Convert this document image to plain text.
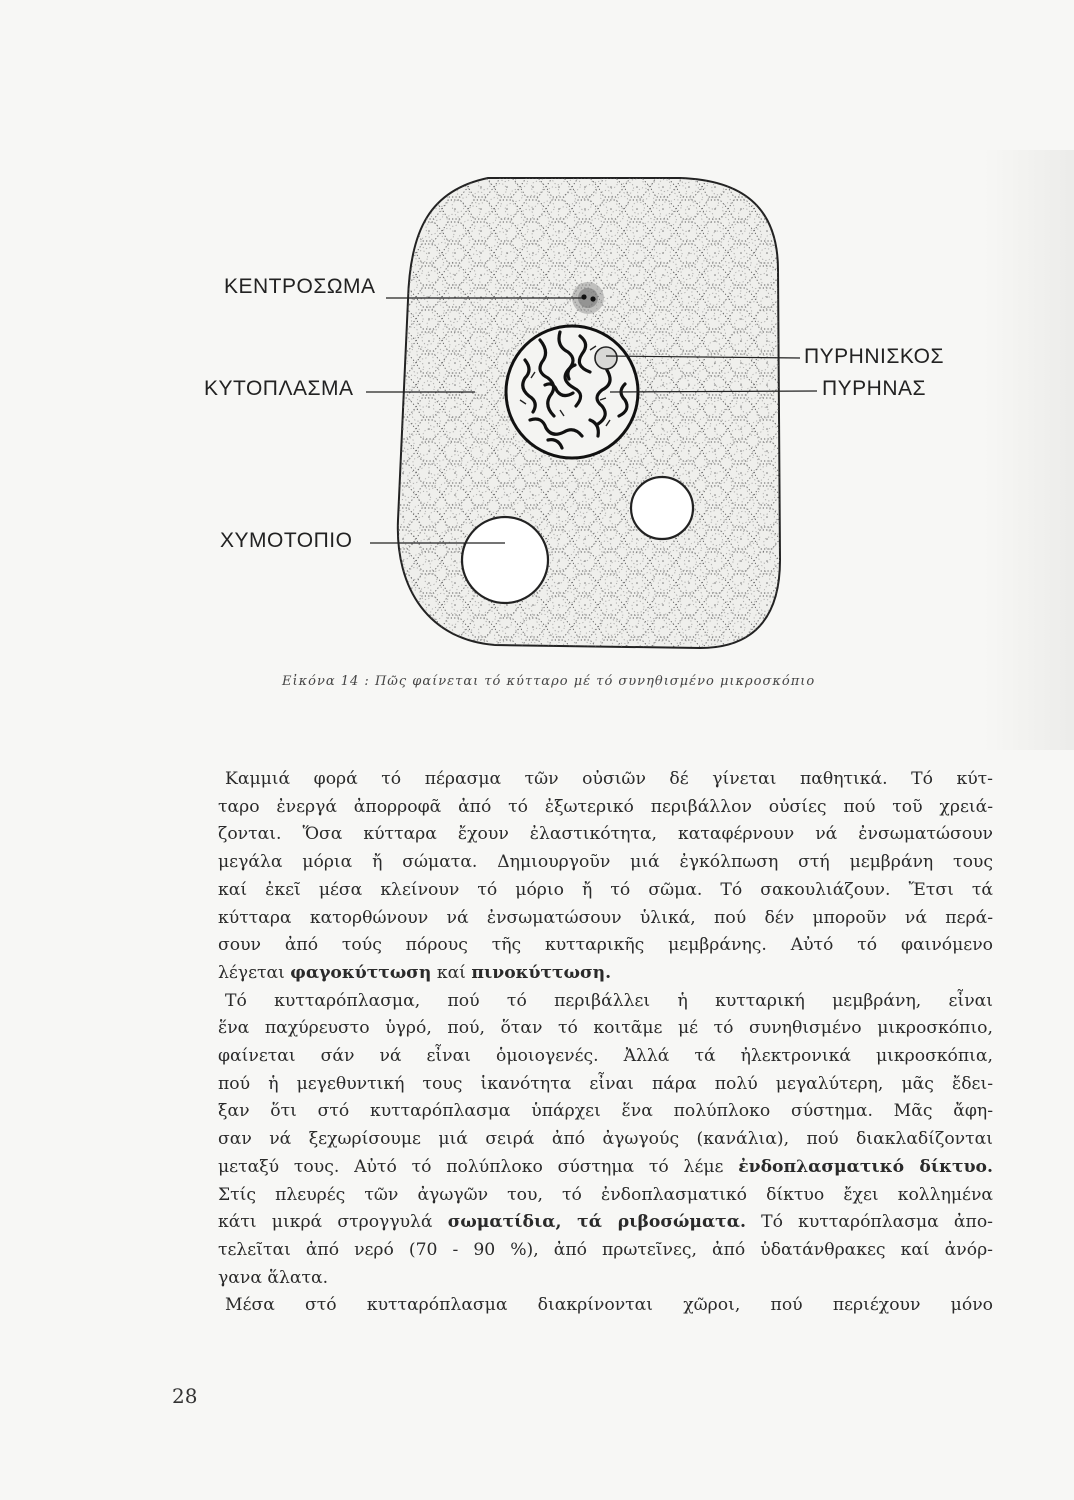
ΚΕΝΤΡΟΣΩΜΑ
ΚΥΤΟΠΛΑΣΜΑ
ΧΥΜΟΤΟΠΙΟ
ΠΥΡΗΝΙΣΚΟΣ
ΠΥΡΗΝΑΣ
Εἰκόνα 14 : Πῶς φαίνεται τό κύτταρο μέ τό συνηθισμένο μικροσκόπιο

Καμμιά φορά τό πέρασμα τῶν οὐσιῶν δέ γίνεται παθητικά. Τό κύτ-

ταρο ἐνεργά ἀπορροφᾶ ἀπό τό ἐξωτερικό περιβάλλον οὐσίες πού τοῦ χρειά-

ζονται. Ὅσα κύτταρα ἔχουν ἐλαστικότητα, καταφέρνουν νά ἐνσωματώσουν

μεγάλα μόρια ἤ σώματα. Δημιουργοῦν μιά ἐγκόλπωση στή μεμβράνη τους

καί ἐκεῖ μέσα κλείνουν τό μόριο ἤ τό σῶμα. Τό σακουλιάζουν. Ἔτσι τά

κύτταρα κατορθώνουν νά ἐνσωματώσουν ὑλικά, πού δέν μποροῦν νά περά-

σουν ἀπό τούς πόρους τῆς κυτταρικῆς μεμβράνης. Αὐτό τό φαινόμενο

λέγεται φαγοκύττωση καί πινοκύττωση.

Τό κυτταρόπλασμα, πού τό περιβάλλει ἡ κυτταρική μεμβράνη, εἶναι

ἕνα παχύρευστο ὑγρό, πού, ὅταν τό κοιτᾶμε μέ τό συνηθισμένο μικροσκόπιο,

φαίνεται σάν νά εἶναι ὁμοιογενές. Ἀλλά τά ἠλεκτρονικά μικροσκόπια,

πού ἡ μεγεθυντική τους ἱκανότητα εἶναι πάρα πολύ μεγαλύτερη, μᾶς ἔδει-

ξαν ὅτι στό κυτταρόπλασμα ὑπάρχει ἕνα πολύπλοκο σύστημα. Μᾶς ἄφη-

σαν νά ξεχωρίσουμε μιά σειρά ἀπό ἀγωγούς (κανάλια), πού διακλαδίζονται

μεταξύ τους. Αὐτό τό πολύπλοκο σύστημα τό λέμε ἐνδοπλασματικό δίκτυο.

Στίς πλευρές τῶν ἀγωγῶν του, τό ἐνδοπλασματικό δίκτυο ἔχει κολλημένα

κάτι μικρά στρογγυλά σωματίδια, τά ριβοσώματα. Τό κυτταρόπλασμα ἀπο-

τελεῖται ἀπό νερό (70 - 90 %), ἀπό πρωτεῖνες, ἀπό ὑδατάνθρακες καί ἀνόρ-

γανα ἅλατα.

Μέσα στό κυτταρόπλασμα διακρίνονται χῶροι, πού περιέχουν μόνο

28
